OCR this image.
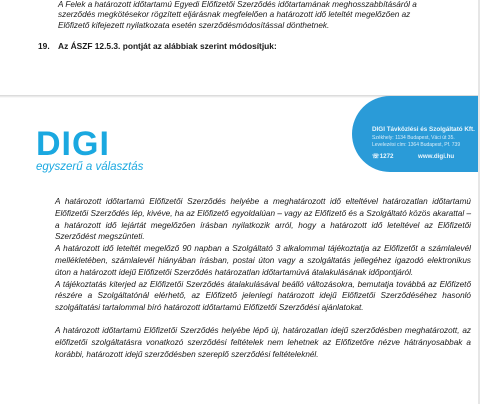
A Felek a határozott időtartamú Egyedi Előfizetői Szerződés időtartamának meghosszabbításáról a

szerződés megkötésekor rögzített eljárásnak megfelelően a határozott idő leteltét megelőzően az

Előfizető kifejezett nyilatkozata esetén szerződésmódosítással dönthetnek.

19. Az ÁSZF 12.5.3. pontját az alábbiak szerint módosítjuk:
DIGI
egyszerű a választás
DIGI Távközlési és Szolgáltató Kft.
Székhely: 1134 Budapest, Váci út 35.
Levelezési cím: 1364 Budapest, Pf. 739
☏1272	www.digi.hu

A határozott időtartamú Előfizetői Szerződés helyébe a meghatározott idő elteltével határozatlan időtartamú Előfizetői Szerződés lép, kivéve, ha az Előfizető egyoldalúan – vagy az Előfizető és a Szolgáltató közös akarattal – a határozott idő lejártát megelőzően írásban nyilatkozik arról, hogy a határozott idő leteltével az Előfizetői Szerződést megszünteti.

A határozott idő leteltét megelőző 90 napban a Szolgáltató 3 alkalommal tájékoztatja az Előfizetőt a számlalevél mellékletében, számlalevél hiányában írásban, postai úton vagy a szolgáltatás jellegéhez igazodó elektronikus úton a határozott idejű Előfizetői Szerződés határozatlan időtartamúvá átalakulásának időpontjáról.

A tájékoztatás kiterjed az Előfizetői Szerződés átalakulásával beálló változásokra, bemutatja továbbá az Előfizető részére a Szolgáltatónál elérhető, az Előfizető jelenlegi határozott idejű Előfizetői Szerződéséhez hasonló szolgáltatási tartalommal bíró határozott időtartamú Előfizetői Szerződési ajánlatokat.

A határozott időtartamú Előfizetői Szerződés helyébe lépő új, határozatlan idejű szerződésben meghatározott, az előfizetői szolgáltatásra vonatkozó szerződési feltételek nem lehetnek az Előfizetőre nézve hátrányosabbak a korábbi, határozott idejű szerződésben szereplő szerződési feltételeknél.
